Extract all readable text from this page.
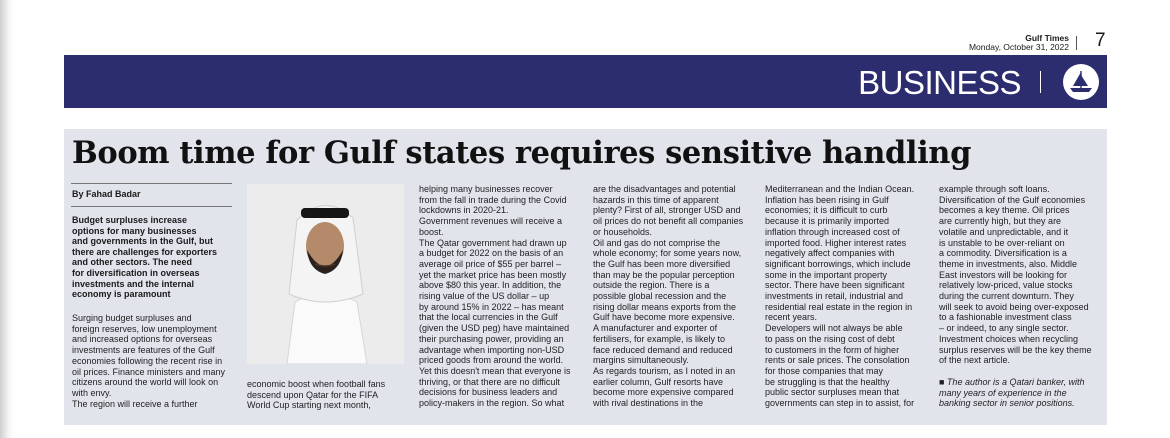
Gulf Times
Monday, October 31, 2022 7
BUSINESS
Boom time for Gulf states requires sensitive handling
By Fahad Badar

Budget surpluses increase

options for many businesses

and governments in the Gulf, but

there are challenges for exporters

and other sectors. The need

for diversification in overseas

investments and the internal

economy is paramount

Surging budget surpluses and

foreign reserves, low unemployment

and increased options for overseas

investments are features of the Gulf

economies following the recent rise in

oil prices. Finance ministers and many

citizens around the world will look on

with envy.

The region will receive a further

economic boost when football fans

descend upon Qatar for the FIFA

World Cup starting next month,

helping many businesses recover

from the fall in trade during the Covid

lockdowns in 2020-21.

Government revenues will receive a

boost.

The Qatar government had drawn up

a budget for 2022 on the basis of an

average oil price of $55 per barrel –

yet the market price has been mostly

above $80 this year. In addition, the

rising value of the US dollar – up

by around 15% in 2022 – has meant

that the local currencies in the Gulf

(given the USD peg) have maintained

their purchasing power, providing an

advantage when importing non-USD

priced goods from around the world.

Yet this doesn't mean that everyone is

thriving, or that there are no difficult

decisions for business leaders and

policy-makers in the region. So what

are the disadvantages and potential

hazards in this time of apparent

plenty? First of all, stronger USD and

oil prices do not benefit all companies

or households.

Oil and gas do not comprise the

whole economy; for some years now,

the Gulf has been more diversified

than may be the popular perception

outside the region. There is a

possible global recession and the

rising dollar means exports from the

Gulf have become more expensive.

A manufacturer and exporter of

fertilisers, for example, is likely to

face reduced demand and reduced

margins simultaneously.

As regards tourism, as I noted in an

earlier column, Gulf resorts have

become more expensive compared

with rival destinations in the

Mediterranean and the Indian Ocean.

Inflation has been rising in Gulf

economies; it is difficult to curb

because it is primarily imported

inflation through increased cost of

imported food. Higher interest rates

negatively affect companies with

significant borrowings, which include

some in the important property

sector. There have been significant

investments in retail, industrial and

residential real estate in the region in

recent years.

Developers will not always be able

to pass on the rising cost of debt

to customers in the form of higher

rents or sale prices. The consolation

for those companies that may

be struggling is that the healthy

public sector surpluses mean that

governments can step in to assist, for

example through soft loans.

Diversification of the Gulf economies

becomes a key theme. Oil prices

are currently high, but they are

volatile and unpredictable, and it

is unstable to be over-reliant on

a commodity. Diversification is a

theme in investments, also. Middle

East investors will be looking for

relatively low-priced, value stocks

during the current downturn. They

will seek to avoid being over-exposed

to a fashionable investment class

– or indeed, to any single sector.

Investment choices when recycling

surplus reserves will be the key theme

of the next article.

■ The author is a Qatari banker, with

many years of experience in the

banking sector in senior positions.
